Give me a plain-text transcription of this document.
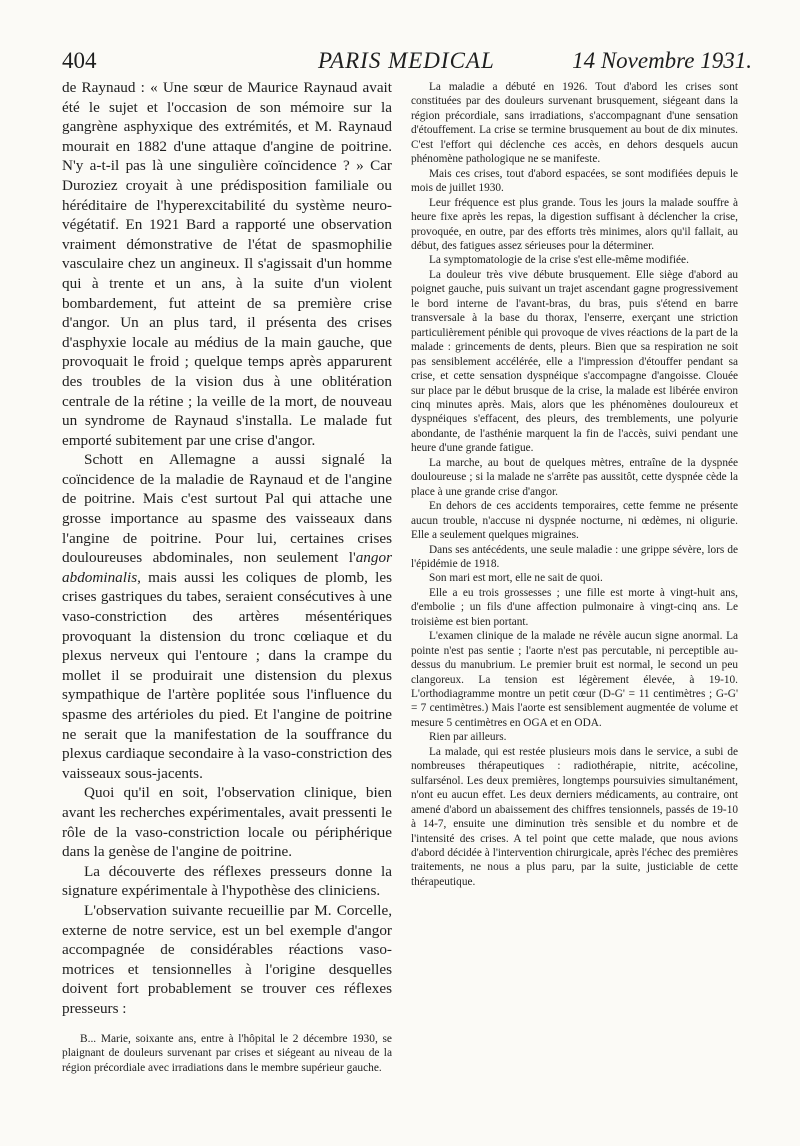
404	PARIS MEDICAL	14 Novembre 1931.

de Raynaud : « Une sœur de Maurice Raynaud avait été le sujet et l'occasion de son mémoire sur la gangrène asphyxique des extrémités, et M. Raynaud mourait en 1882 d'une attaque d'angine de poitrine. N'y a-t-il pas là une singulière coïncidence ? » Car Duroziez croyait à une prédisposition familiale ou héréditaire de l'hyperexcitabilité du système neuro-végétatif. En 1921 Bard a rapporté une observation vraiment démonstrative de l'état de spasmophilie vasculaire chez un angineux. Il s'agissait d'un homme qui à trente et un ans, à la suite d'un violent bombardement, fut atteint de sa première crise d'angor. Un an plus tard, il présenta des crises d'asphyxie locale au médius de la main gauche, que provoquait le froid ; quelque temps après apparurent des troubles de la vision dus à une oblitération centrale de la rétine ; la veille de la mort, de nouveau un syndrome de Raynaud s'installa. Le malade fut emporté subitement par une crise d'angor.

Schott en Allemagne a aussi signalé la coïncidence de la maladie de Raynaud et de l'angine de poitrine. Mais c'est surtout Pal qui attache une grosse importance au spasme des vaisseaux dans l'angine de poitrine. Pour lui, certaines crises douloureuses abdominales, non seulement l'angor abdominalis, mais aussi les coliques de plomb, les crises gastriques du tabes, seraient consécutives à une vaso-constriction des artères mésentériques provoquant la distension du tronc cœliaque et du plexus nerveux qui l'entoure ; dans la crampe du mollet il se produirait une distension du plexus sympathique de l'artère poplitée sous l'influence du spasme des artérioles du pied. Et l'angine de poitrine ne serait que la manifestation de la souffrance du plexus cardiaque secondaire à la vaso-constriction des vaisseaux sous-jacents.

Quoi qu'il en soit, l'observation clinique, bien avant les recherches expérimentales, avait pressenti le rôle de la vaso-constriction locale ou périphérique dans la genèse de l'angine de poitrine.

La découverte des réflexes presseurs donne la signature expérimentale à l'hypothèse des cliniciens.

L'observation suivante recueillie par M. Corcelle, externe de notre service, est un bel exemple d'angor accompagnée de considérables réactions vaso-motrices et tensionnelles à l'origine desquelles doivent fort probablement se trouver ces réflexes presseurs :

B... Marie, soixante ans, entre à l'hôpital le 2 décembre 1930, se plaignant de douleurs survenant par crises et siégeant au niveau de la région précordiale avec irradiations dans le membre supérieur gauche.

La maladie a débuté en 1926. Tout d'abord les crises sont constituées par des douleurs survenant brusquement, siégeant dans la région précordiale, sans irradiations, s'accompagnant d'une sensation d'étouffement. La crise se termine brusquement au bout de dix minutes. C'est l'effort qui déclenche ces accès, en dehors desquels aucun phénomène pathologique ne se manifeste.

Mais ces crises, tout d'abord espacées, se sont modifiées depuis le mois de juillet 1930.

Leur fréquence est plus grande. Tous les jours la malade souffre à heure fixe après les repas, la digestion suffisant à déclencher la crise, provoquée, en outre, par des efforts très minimes, alors qu'il fallait, au début, des fatigues assez sérieuses pour la déterminer.

La symptomatologie de la crise s'est elle-même modifiée.

La douleur très vive débute brusquement. Elle siège d'abord au poignet gauche, puis suivant un trajet ascendant gagne progressivement le bord interne de l'avant-bras, du bras, puis s'étend en barre transversale à la base du thorax, l'enserre, exerçant une striction particulièrement pénible qui provoque de vives réactions de la part de la malade : grincements de dents, pleurs. Bien que sa respiration ne soit pas sensiblement accélérée, elle a l'impression d'étouffer pendant sa crise, et cette sensation dyspnéique s'accompagne d'angoisse. Clouée sur place par le début brusque de la crise, la malade est libérée environ cinq minutes après. Mais, alors que les phénomènes douloureux et dyspnéiques s'effacent, des pleurs, des tremblements, une polyurie abondante, de l'asthénie marquent la fin de l'accès, suivi pendant une heure d'une grande fatigue.

La marche, au bout de quelques mètres, entraîne de la dyspnée douloureuse ; si la malade ne s'arrête pas aussitôt, cette dyspnée cède la place à une grande crise d'angor.

En dehors de ces accidents temporaires, cette femme ne présente aucun trouble, n'accuse ni dyspnée nocturne, ni œdèmes, ni oligurie. Elle a seulement quelques migraines.

Dans ses antécédents, une seule maladie : une grippe sévère, lors de l'épidémie de 1918.

Son mari est mort, elle ne sait de quoi.

Elle a eu trois grossesses ; une fille est morte à vingt-huit ans, d'embolie ; un fils d'une affection pulmonaire à vingt-cinq ans. Le troisième est bien portant.

L'examen clinique de la malade ne révèle aucun signe anormal. La pointe n'est pas sentie ; l'aorte n'est pas percutable, ni perceptible au-dessus du manubrium. Le premier bruit est normal, le second un peu clangoreux. La tension est légèrement élevée, à 19-10. L'orthodiagramme montre un petit cœur (D-G' = 11 centimètres ; G-G' = 7 centimètres.) Mais l'aorte est sensiblement augmentée de volume et mesure 5 centimètres en OGA et en ODA.

Rien par ailleurs.

La malade, qui est restée plusieurs mois dans le service, a subi de nombreuses thérapeutiques : radiothérapie, nitrite, acécoline, sulfarsénol. Les deux premières, longtemps poursuivies simultanément, n'ont eu aucun effet. Les deux derniers médicaments, au contraire, ont amené d'abord un abaissement des chiffres tensionnels, passés de 19-10 à 14-7, ensuite une diminution très sensible et du nombre et de l'intensité des crises. A tel point que cette malade, que nous avions d'abord décidée à l'intervention chirurgicale, après l'échec des premières traitements, ne nous a plus paru, par la suite, justiciable de cette thérapeutique.
